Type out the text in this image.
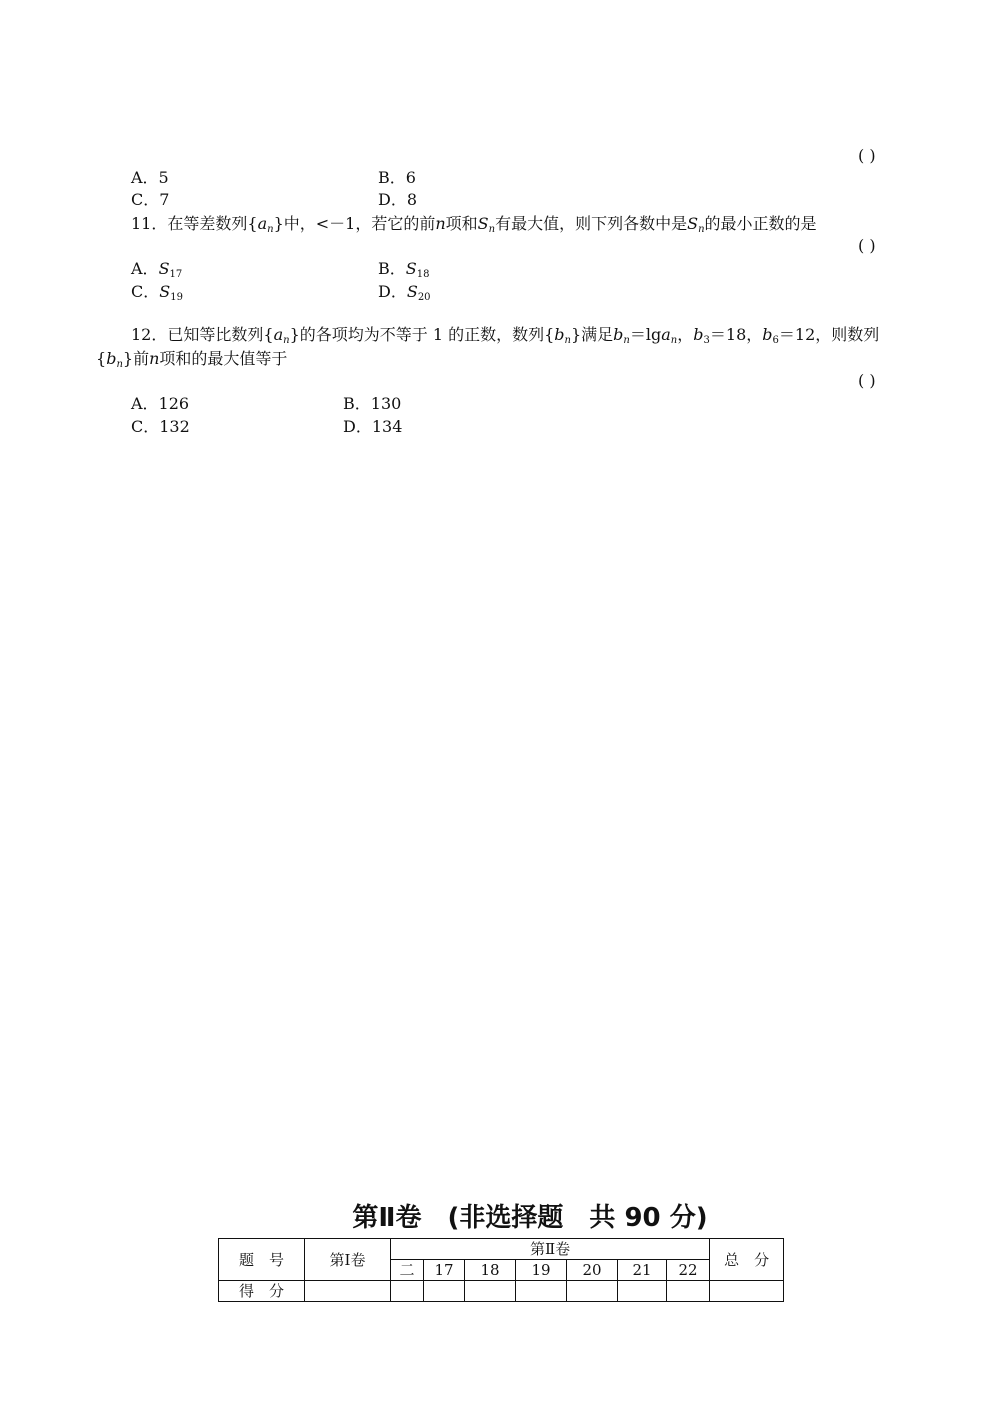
( )
A．5	B．6
C．7	D．8
11．在等差数列$\{a_n\}$中，<－1，若它的前n项和$S_n$有最大值，则下列各数中是$S_n$的最小正数的是
( )
A．$S_{17}$	B．$S_{18}$
C．$S_{19}$	D．$S_{20}$
12．已知等比数列$\{a_n\}$的各项均为不等于 1 的正数，数列$\{b_n\}$满足$b_n=\lg a_n$，$b_3=18$，$b_6=12$，则数列
$\{b_n\}$前n项和的最大值等于
( )
A．126	B．130
C．132	D．134
第Ⅱ卷　(非选择题　共 90 分)
题　号	第Ⅰ卷	第Ⅱ卷							总　分
		二	17	18	19	20	21	22	
得　分									
